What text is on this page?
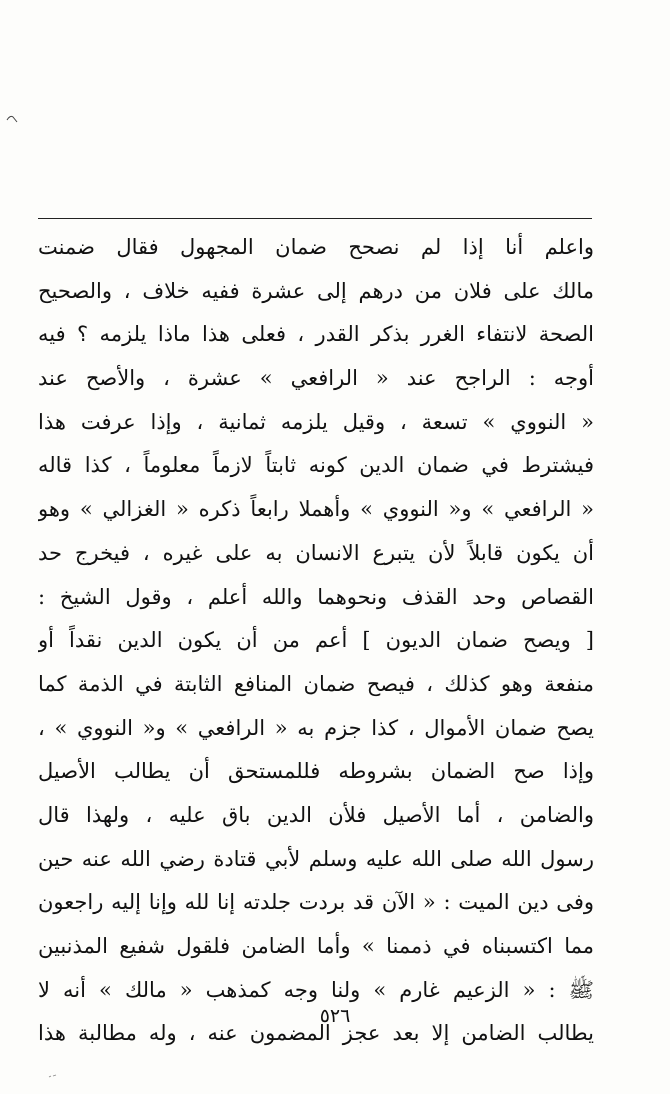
واعلم أنا إذا لم نصحح ضمان المجهول فقال ضمنت
مالك على فلان من درهم إلى عشرة ففيه خلاف ، والصحيح
الصحة لانتفاء الغرر بذكر القدر ، فعلى هذا ماذا يلزمه ؟ فيه
أوجه : الراجح عند « الرافعي » عشرة ، والأصح عند
« النووي » تسعة ، وقيل يلزمه ثمانية ، وإذا عرفت هذا
فيشترط في ضمان الدين كونه ثابتاً لازماً معلوماً ، كذا قاله
« الرافعي » و« النووي » وأهملا رابعاً ذكره « الغزالي » وهو
أن يكون قابلاً لأن يتبرع الانسان به على غيره ، فيخرج حد
القصاص وحد القذف ونحوهما والله أعلم ، وقول الشيخ :
[ ويصح ضمان الديون ] أعم من أن يكون الدين نقداً أو
منفعة وهو كذلك ، فيصح ضمان المنافع الثابتة في الذمة كما
يصح ضمان الأموال ، كذا جزم به « الرافعي » و« النووي » ،
وإذا صح الضمان بشروطه فللمستحق أن يطالب الأصيل
والضامن ، أما الأصيل فلأن الدين باق عليه ، ولهذا قال
رسول الله صلى الله عليه وسلم لأبي قتادة رضي الله عنه حين
وفى دين الميت : « الآن قد بردت جلدته إنا لله وإنا إليه راجعون
مما اكتسبناه في ذممنا » وأما الضامن فلقول شفيع المذنبين
ﷺ : « الزعيم غارم » ولنا وجه كمذهب « مالك » أنه لا
يطالب الضامن إلا بعد عجز المضمون عنه ، وله مطالبة هذا
٥٢٦
